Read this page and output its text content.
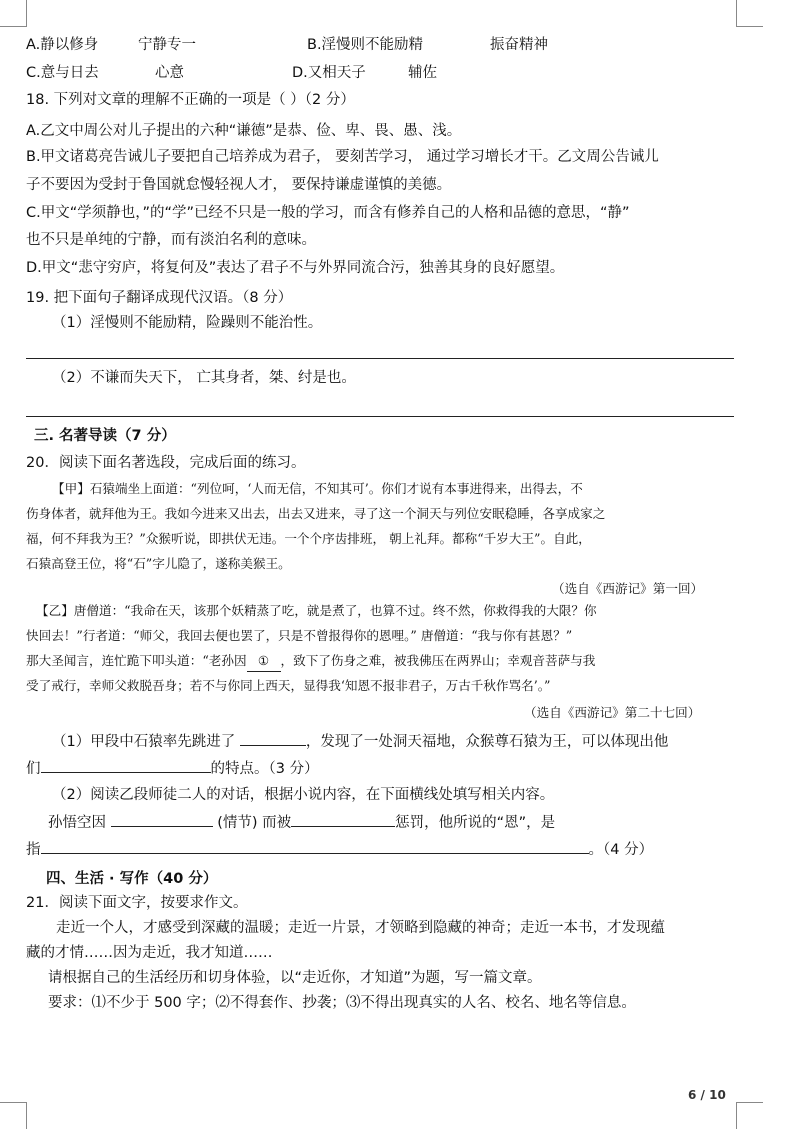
A.静以修身	宁静专一	B.淫慢则不能励精	振奋精神
C.意与日去	心意	D.又相天子	辅佐
18. 下列对文章的理解不正确的一项是（ ）（2 分）
A.乙文中周公对儿子提出的六种“谦德”是恭、俭、卑、畏、愚、浅。
B.甲文诸葛亮告诫儿子要把自己培养成为君子， 要刻苦学习， 通过学习增长才干。乙文周公告诫儿
子不要因为受封于鲁国就怠慢轻视人才， 要保持谦虚谨慎的美德。
C.甲文“学须静也，”的“学”已经不只是一般的学习，而含有修养自己的人格和品德的意思，“静”
也不只是单纯的宁静，而有淡泊名利的意味。
D.甲文“悲守穷庐，将复何及”表达了君子不与外界同流合污，独善其身的良好愿望。
19. 把下面句子翻译成现代汉语。（8 分）
（1）淫慢则不能励精，险躁则不能治性。
（2）不谦而失天下， 亡其身者，桀、纣是也。
三. 名著导读（7 分）
20．阅读下面名著选段，完成后面的练习。
【甲】石猿端坐上面道：“列位呵，‘人而无信，不知其可’。你们才说有本事进得来，出得去，不
伤身体者，就拜他为王。我如今进来又出去，出去又进来，寻了这一个洞天与列位安眠稳睡，各享成家之
福，何不拜我为王？”众猴听说，即拱伏无违。一个个序齿排班， 朝上礼拜。都称“千岁大王”。自此，
石猿高登王位，将“石”字儿隐了，遂称美猴王。
（选自《西游记》第一回）
【乙】唐僧道：“我命在天，该那个妖精蒸了吃，就是煮了，也算不过。终不然，你救得我的大限？你
快回去！”行者道：“师父，我回去便也罢了，只是不曾报得你的恩哩。” 唐僧道：“我与你有甚恩？”
那大圣闻言，连忙跪下叩头道：“老孙因 ① ，致下了伤身之难，被我佛压在两界山；幸观音菩萨与我
受了戒行，幸师父救脱吾身；若不与你同上西天，显得我‘知恩不报非君子，万古千秋作骂名’。”
（选自《西游记》第二十七回）
（1）甲段中石猿率先跳进了	，发现了一处洞天福地，众猴尊石猿为王，可以体现出他
们	的特点。（3 分）
（2）阅读乙段师徒二人的对话，根据小说内容，在下面横线处填写相关内容。
孙悟空因	(情节) 而被	惩罚，他所说的“恩”，是
指	。（4 分）
四、生活 · 写作（40 分）
21．阅读下面文字，按要求作文。
走近一个人，才感受到深藏的温暖；走近一片景，才领略到隐藏的神奇；走近一本书，才发现蕴
藏的才情……因为走近，我才知道……
请根据自己的生活经历和切身体验，以“走近你，才知道”为题，写一篇文章。
要求：⑴不少于 500 字；⑵不得套作、抄袭；⑶不得出现真实的人名、校名、地名等信息。
6 / 10
